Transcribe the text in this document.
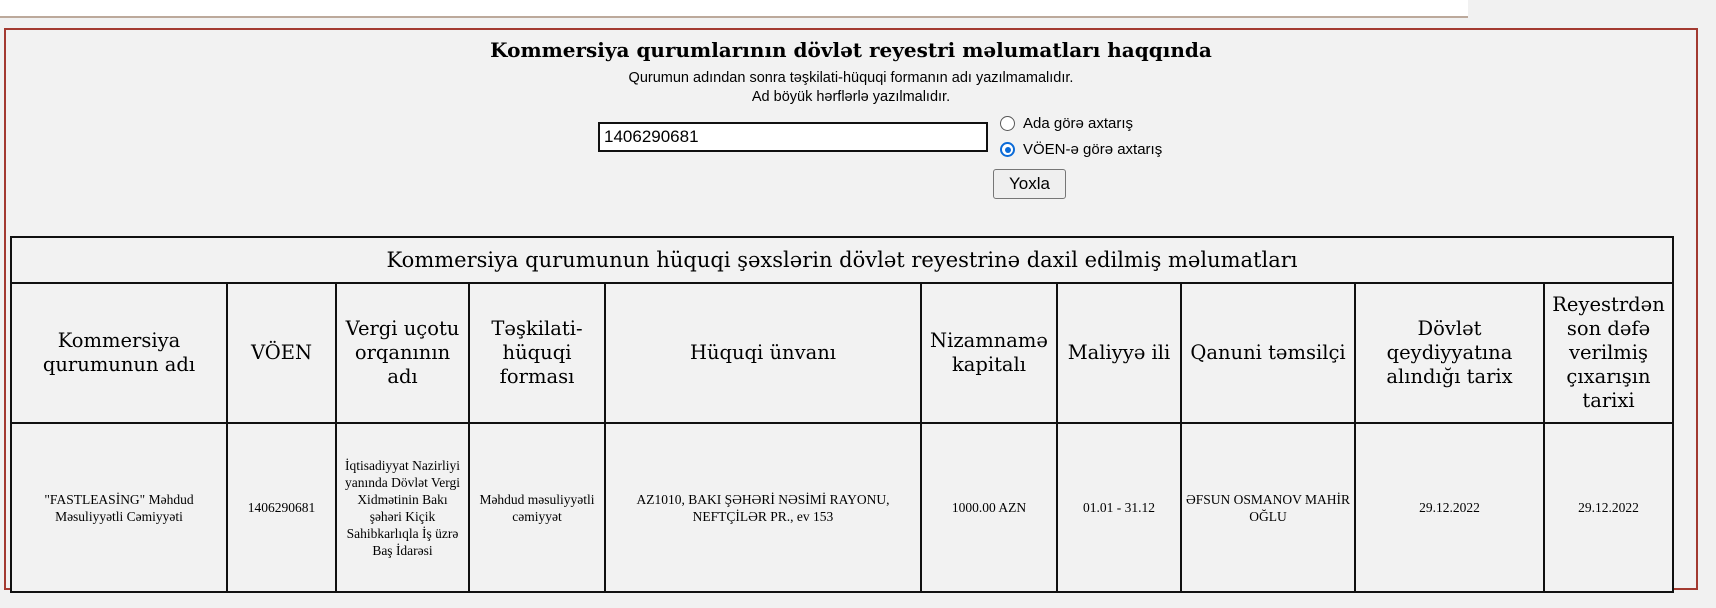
Kommersiya qurumlarının dövlət reyestri məlumatları haqqında
Qurumun adından sonra təşkilati-hüquqi formanın adı yazılmamalıdır.
Ad böyük hərflərlə yazılmalıdır.
1406290681
Ada görə axtarış
VÖEN-ə görə axtarış
Yoxla
Kommersiya qurumunun hüquqi şəxslərin dövlət reyestrinə daxil edilmiş məlumatları									
Kommersiya qurumunun adı	VÖEN	Vergi uçotu orqanının adı	Təşkilati-hüquqi forması	Hüquqi ünvanı	Nizamnamə kapitalı	Maliyyə ili	Qanuni təmsilçi	Dövlət qeydiyyatına alındığı tarix	Reyestrdən son dəfə verilmiş çıxarışın tarixi
"FASTLEASİNG" Məhdud Məsuliyyətli Cəmiyyəti	1406290681	İqtisadiyyat Nazirliyi yanında Dövlət Vergi Xidmətinin Bakı şəhəri Kiçik Sahibkarlıqla İş üzrə Baş İdarəsi	Məhdud məsuliyyətli cəmiyyət	AZ1010, BAKI ŞƏHƏRİ NƏSİMİ RAYONU, NEFTÇİLƏR PR., ev 153	1000.00 AZN	01.01 - 31.12	ƏFSUN OSMANOV MAHİR OĞLU	29.12.2022	29.12.2022
